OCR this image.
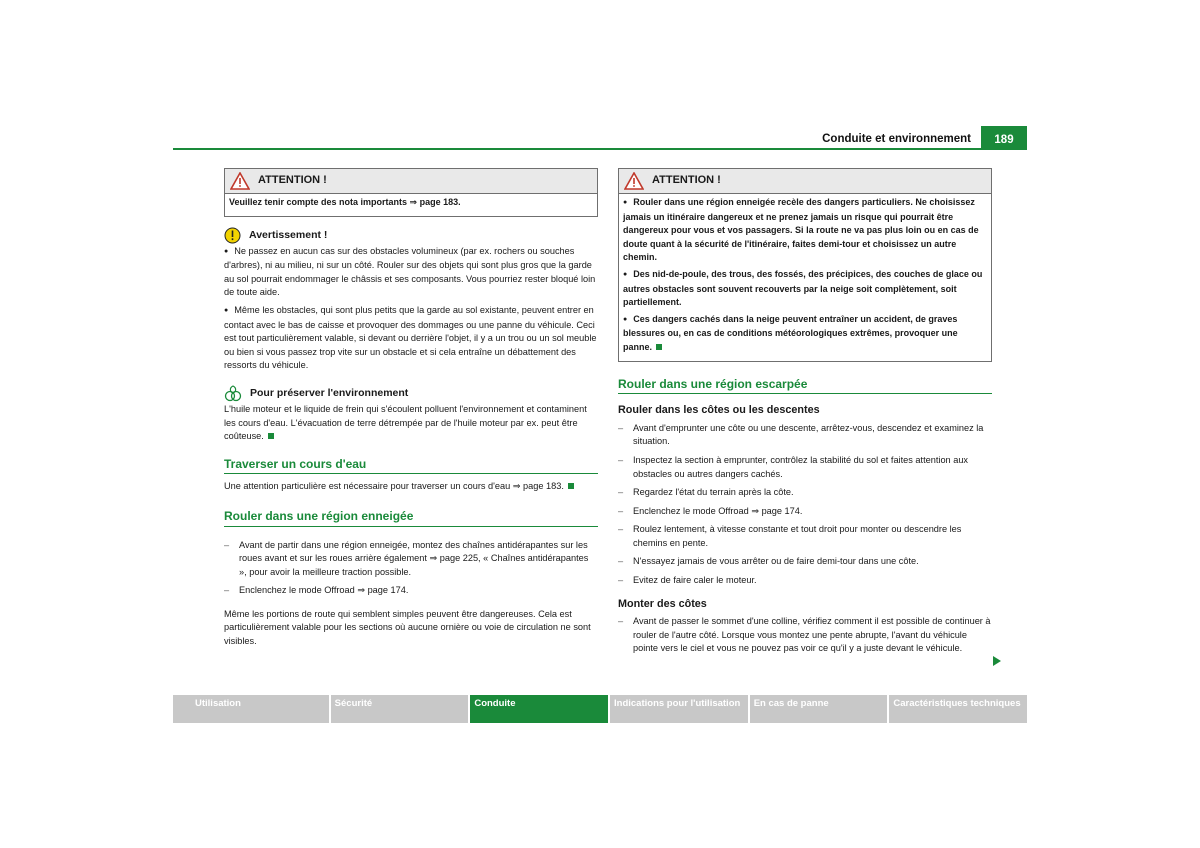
Conduite et environnement	189
ATTENTION !

Veuillez tenir compte des nota importants ⇒ page 183.

Avertissement !

● Ne passez en aucun cas sur des obstacles volumineux (par ex. rochers ou souches d'arbres), ni au milieu, ni sur un côté. Rouler sur des objets qui sont plus gros que la garde au sol pourrait endommager le châssis et ses composants. Vous pourriez rester bloqué loin de toute aide.

● Même les obstacles, qui sont plus petits que la garde au sol existante, peuvent entrer en contact avec le bas de caisse et provoquer des dommages ou une panne du véhicule. Ceci est tout particulièrement valable, si devant ou derrière l'objet, il y a un trou ou un sol meuble ou bien si vous passez trop vite sur un obstacle et si cela entraîne un débattement des ressorts du véhicule.

Pour préserver l'environnement

L'huile moteur et le liquide de frein qui s'écoulent polluent l'environnement et contaminent les cours d'eau. L'évacuation de terre détrempée par de l'huile moteur par ex. peut être coûteuse.

Traverser un cours d'eau

Une attention particulière est nécessaire pour traverser un cours d'eau ⇒ page 183.

Rouler dans une région enneigée
– Avant de partir dans une région enneigée, montez des chaînes antidérapantes sur les roues avant et sur les roues arrière également ⇒ page 225, « Chaînes antidérapantes », pour avoir la meilleure traction possible.
– Enclenchez le mode Offroad ⇒ page 174.

Même les portions de route qui semblent simples peuvent être dangereuses. Cela est particulièrement valable pour les sections où aucune ornière ou voie de circulation ne sont visibles.

ATTENTION !

● Rouler dans une région enneigée recèle des dangers particuliers. Ne choisissez jamais un itinéraire dangereux et ne prenez jamais un risque qui pourrait être dangereux pour vous et vos passagers. Si la route ne va pas plus loin ou en cas de doute quant à la sécurité de l'itinéraire, faites demi-tour et choisissez un autre chemin.

● Des nid-de-poule, des trous, des fossés, des précipices, des couches de glace ou autres obstacles sont souvent recouverts par la neige soit complètement, soit partiellement.

● Ces dangers cachés dans la neige peuvent entraîner un accident, de graves blessures ou, en cas de conditions météorologiques extrêmes, provoquer une panne.

Rouler dans une région escarpée
Rouler dans les côtes ou les descentes
– Avant d'emprunter une côte ou une descente, arrêtez-vous, descendez et examinez la situation.
– Inspectez la section à emprunter, contrôlez la stabilité du sol et faites attention aux obstacles ou autres dangers cachés.
– Regardez l'état du terrain après la côte.
– Enclenchez le mode Offroad ⇒ page 174.
– Roulez lentement, à vitesse constante et tout droit pour monter ou descendre les chemins en pente.
– N'essayez jamais de vous arrêter ou de faire demi-tour dans une côte.
– Evitez de faire caler le moteur.
Monter des côtes
– Avant de passer le sommet d'une colline, vérifiez comment il est possible de continuer à rouler de l'autre côté. Lorsque vous montez une pente abrupte, l'avant du véhicule pointe vers le ciel et vous ne pouvez pas voir ce qu'il y a juste devant le véhicule.
Utilisation	Sécurité	Conduite	Indications pour l'utilisation	En cas de panne	Caractéristiques techniques
